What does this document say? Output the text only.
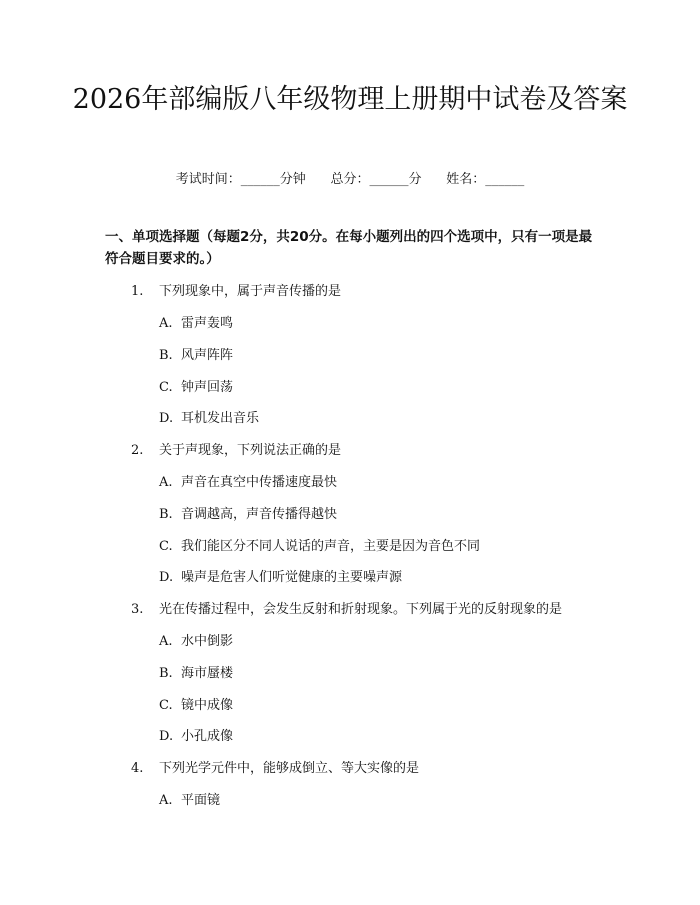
2026年部编版八年级物理上册期中试卷及答案
考试时间：______分钟      总分：______分      姓名：______
一、单项选择题（每题2分，共20分。在每小题列出的四个选项中，只有一项是最符合题目要求的。）
1. 下列现象中，属于声音传播的是
A. 雷声轰鸣
B. 风声阵阵
C. 钟声回荡
D. 耳机发出音乐
2. 关于声现象，下列说法正确的是
A. 声音在真空中传播速度最快
B. 音调越高，声音传播得越快
C. 我们能区分不同人说话的声音，主要是因为音色不同
D. 噪声是危害人们听觉健康的主要噪声源
3. 光在传播过程中，会发生反射和折射现象。下列属于光的反射现象的是
A. 水中倒影
B. 海市蜃楼
C. 镜中成像
D. 小孔成像
4. 下列光学元件中，能够成倒立、等大实像的是
A. 平面镜
